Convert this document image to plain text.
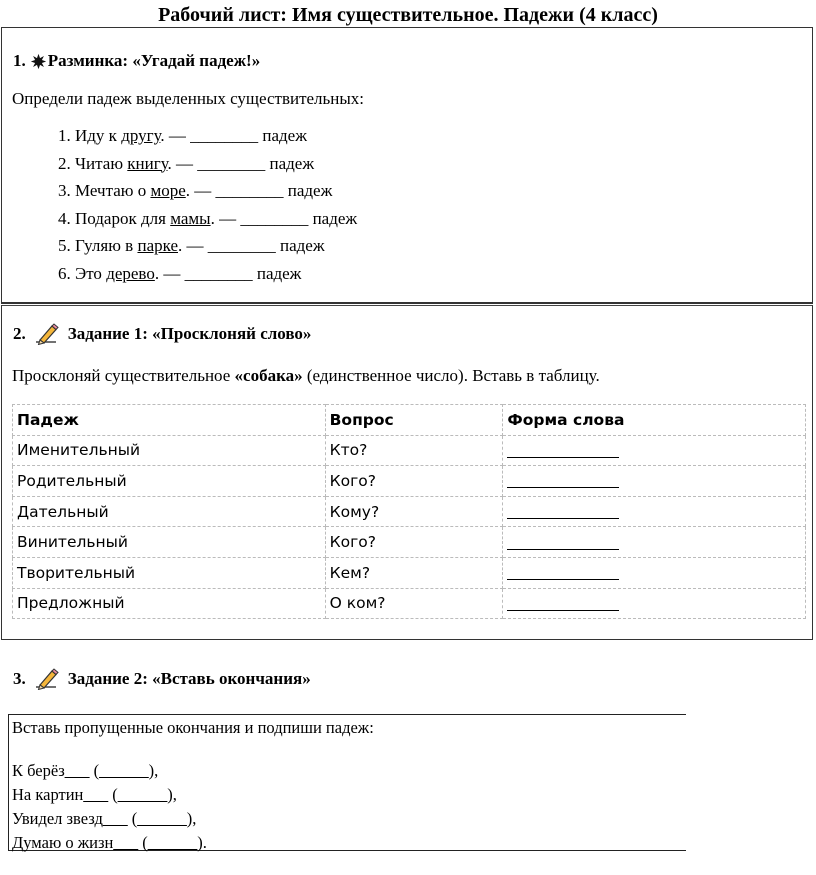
Рабочий лист: Имя существительное. Падежи (4 класс)
1. Разминка: «Угадай падеж!»
Определи падеж выделенных существительных:
1. Иду к другу. — ________ падеж
2. Читаю книгу. — ________ падеж
3. Мечтаю о море. — ________ падеж
4. Подарок для мамы. — ________ падеж
5. Гуляю в парке. — ________ падеж
6. Это дерево. — ________ падеж
2. Задание 1: «Просклоняй слово»
Просклоняй существительное «собака» (единственное число). Вставь в таблицу.
Падеж	Вопрос	Форма слова
Именительный	Кто?	
Родительный	Кого?	
Дательный	Кому?	
Винительный	Кого?	
Творительный	Кем?	
Предложный	О ком?	
3. Задание 2: «Вставь окончания»
Вставь пропущенные окончания и подпиши падеж:
К берёз___ (______),
На картин___ (______),
Увидел звезд___ (______),
Думаю о жизн___ (______).
